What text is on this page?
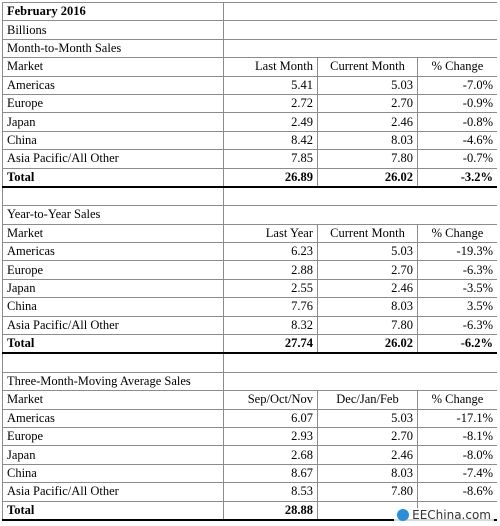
February 2016			
Billions			
Month-to-Month Sales			
Market	Last Month	Current Month	% Change
Americas	5.41	5.03	-7.0%
Europe	2.72	2.70	-0.9%
Japan	2.49	2.46	-0.8%
China	8.42	8.03	-4.6%
Asia Pacific/All Other	7.85	7.80	-0.7%
Total	26.89	26.02	-3.2%

Year-to-Year Sales			
Market	Last Year	Current Month	% Change
Americas	6.23	5.03	-19.3%
Europe	2.88	2.70	-6.3%
Japan	2.55	2.46	-3.5%
China	7.76	8.03	3.5%
Asia Pacific/All Other	8.32	7.80	-6.3%
Total	27.74	26.02	-6.2%

Three-Month-Moving Average Sales			
Market	Sep/Oct/Nov	Dec/Jan/Feb	% Change
Americas	6.07	5.03	-17.1%
Europe	2.93	2.70	-8.1%
Japan	2.68	2.46	-8.0%
China	8.67	8.03	-7.4%
Asia Pacific/All Other	8.53	7.80	-8.6%
Total	28.88			EEChina.com
